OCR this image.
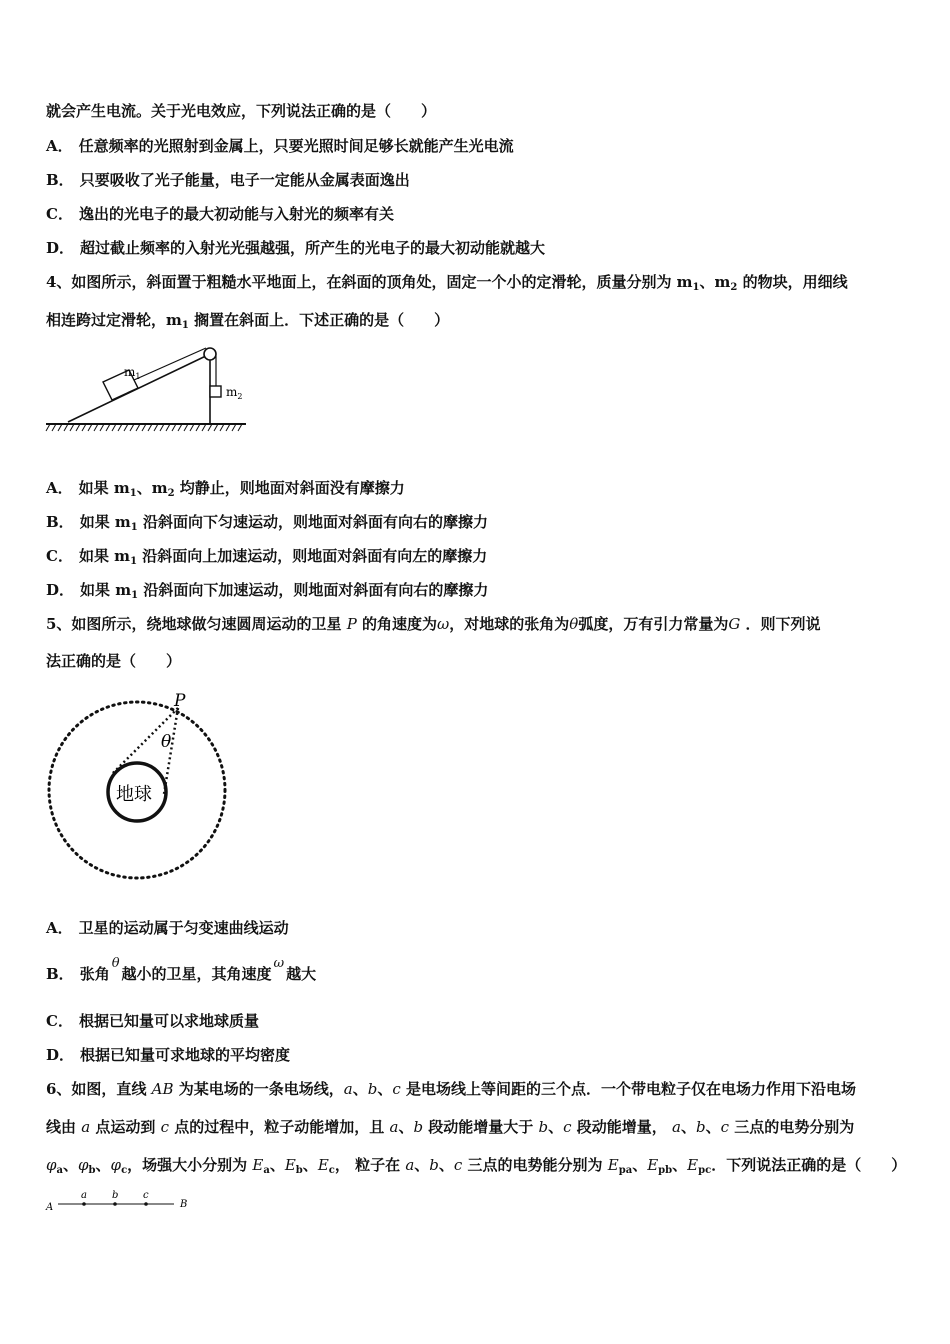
就会产生电流。关于光电效应，下列说法正确的是（　　）
A． 任意频率的光照射到金属上，只要光照时间足够长就能产生光电流
B． 只要吸收了光子能量，电子一定能从金属表面逸出
C． 逸出的光电子的最大初动能与入射光的频率有关
D． 超过截止频率的入射光光强越强，所产生的光电子的最大初动能就越大
4、如图所示，斜面置于粗糙水平地面上，在斜面的顶角处，固定一个小的定滑轮，质量分别为 $m_1$、$m_2$ 的物块，用细线
相连跨过定滑轮，$m_1$ 搁置在斜面上．下述正确的是（　　）
$m_1$
$m_2$
A． 如果 $m_1$、$m_2$ 均静止，则地面对斜面没有摩擦力
B． 如果 $m_1$ 沿斜面向下匀速运动，则地面对斜面有向右的摩擦力
C． 如果 $m_1$ 沿斜面向上加速运动，则地面对斜面有向左的摩擦力
D． 如果 $m_1$ 沿斜面向下加速运动，则地面对斜面有向右的摩擦力
5、如图所示，绕地球做匀速圆周运动的卫星 P 的角速度为ω，对地球的张角为θ弧度，万有引力常量为G ．则下列说
法正确的是（　　）
P
θ
地球
A． 卫星的运动属于匀变速曲线运动
B． 张角θ越小的卫星，其角速度ω越大
C． 根据已知量可以求地球质量
D． 根据已知量可求地球的平均密度
6、如图，直线 AB 为某电场的一条电场线，a、b、c 是电场线上等间距的三个点．一个带电粒子仅在电场力作用下沿电场
线由 a 点运动到 c 点的过程中，粒子动能增加，且 a、b 段动能增量大于 b、c 段动能增量， a、b、c 三点的电势分别为
$\varphi_a$、$\varphi_b$、$\varphi_c$，场强大小分别为 $E_a$、$E_b$、$E_c$， 粒子在 a、b、c 三点的电势能分别为 $E_{pa}$、$E_{pb}$、$E_{pc}$．下列说法正确的是（　　）
A	B
a	b c
